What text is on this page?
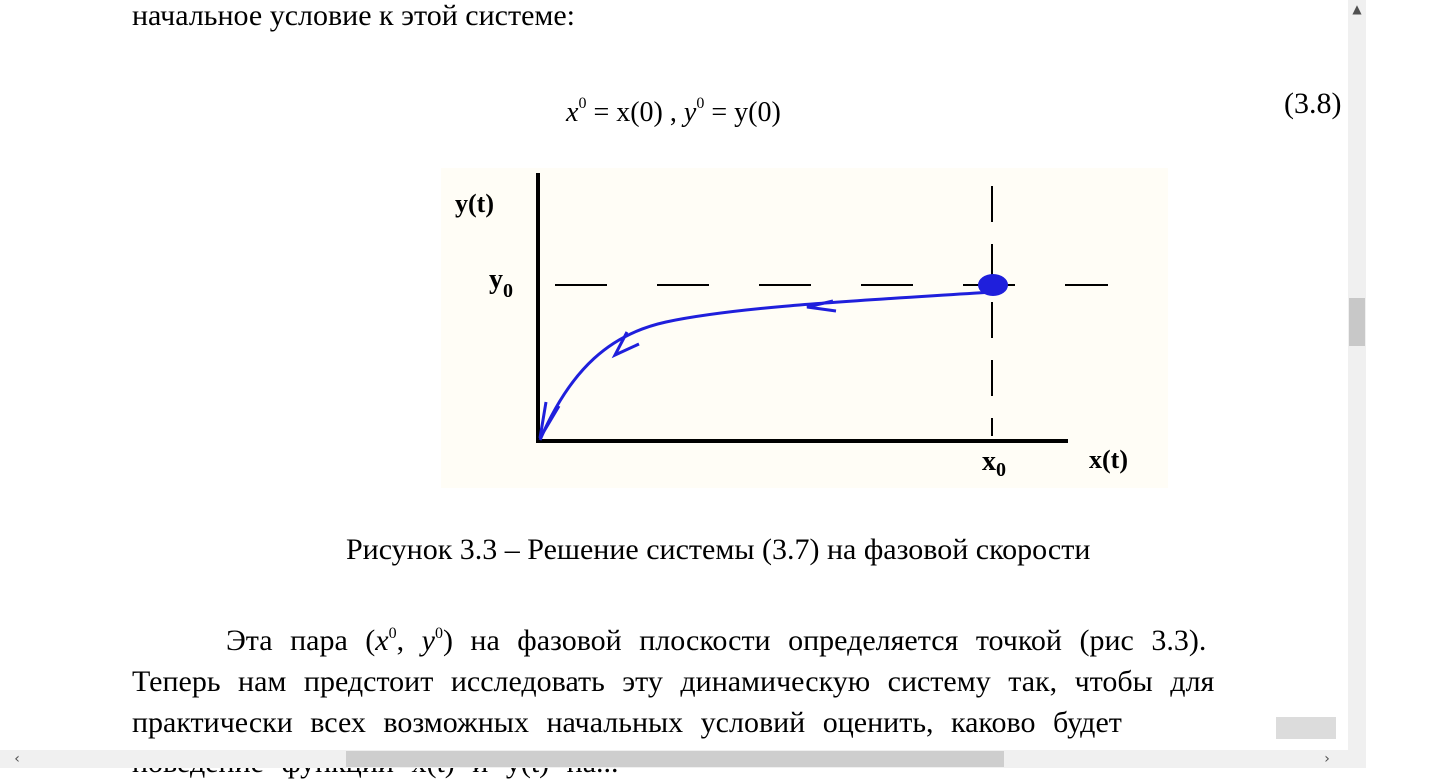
начальное условие к этой системе:
$x^0 = x(0)$ , $y^0 = y(0)$	(3.8)
y(t)
$y_0$
$x_0$	x(t)
Рисунок 3.3 – Решение системы (3.7) на фазовой скорости
Эта пара ($x^0$, $y^0$) на фазовой плоскости определяется точкой (рис 3.3).
Теперь нам предстоит исследовать эту динамическую систему так, чтобы для
практически всех возможных начальных условий оценить, каково будет
▲
‹	›
